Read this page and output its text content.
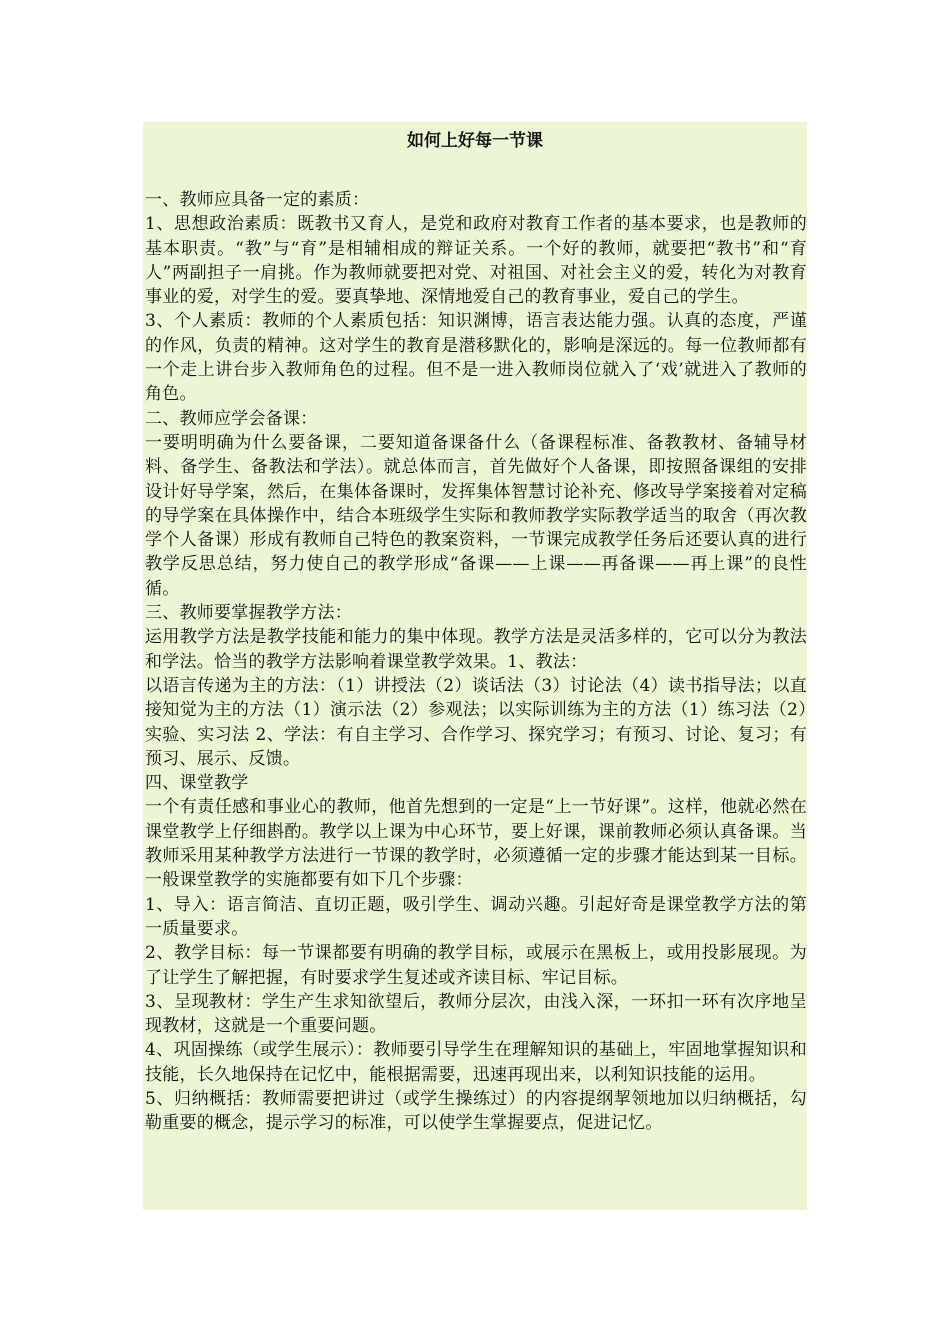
如何上好每一节课

一、教师应具备一定的素质：

1、思想政治素质：既教书又育人，是党和政府对教育工作者的基本要求，也是教师的基本职责。“教”与“育”是相辅相成的辩证关系。一个好的教师，就要把“教书”和“育人”两副担子一肩挑。作为教师就要把对党、对祖国、对社会主义的爱，转化为对教育事业的爱，对学生的爱。要真挚地、深情地爱自己的教育事业，爱自己的学生。

3、个人素质：教师的个人素质包括：知识渊博，语言表达能力强。认真的态度，严谨的作风，负责的精神。这对学生的教育是潜移默化的，影响是深远的。每一位教师都有一个走上讲台步入教师角色的过程。但不是一进入教师岗位就入了‘戏’就进入了教师的角色。

二、教师应学会备课：

一要明明确为什么要备课，二要知道备课备什么（备课程标准、备教教材、备辅导材料、备学生、备教法和学法）。就总体而言，首先做好个人备课，即按照备课组的安排设计好导学案，然后，在集体备课时，发挥集体智慧讨论补充、修改导学案接着对定稿的导学案在具体操作中，结合本班级学生实际和教师教学实际教学适当的取舍（再次教学个人备课）形成有教师自己特色的教案资料，一节课完成教学任务后还要认真的进行教学反思总结，努力使自己的教学形成“备课——上课——再备课——再上课”的良性循。

三、教师要掌握教学方法：

运用教学方法是教学技能和能力的集中体现。教学方法是灵活多样的，它可以分为教法和学法。恰当的教学方法影响着课堂教学效果。1、教法：

以语言传递为主的方法：（1）讲授法（2）谈话法（3）讨论法（4）读书指导法；以直接知觉为主的方法（1）演示法（2）参观法；以实际训练为主的方法（1）练习法（2）实验、实习法 2、学法：有自主学习、合作学习、探究学习；有预习、讨论、复习；有预习、展示、反馈。

四、课堂教学

一个有责任感和事业心的教师，他首先想到的一定是“上一节好课”。这样，他就必然在课堂教学上仔细斟酌。教学以上课为中心环节，要上好课，课前教师必须认真备课。当教师采用某种教学方法进行一节课的教学时，必须遵循一定的步骤才能达到某一目标。一般课堂教学的实施都要有如下几个步骤：

1、导入：语言简洁、直切正题，吸引学生、调动兴趣。引起好奇是课堂教学方法的第一质量要求。

2、教学目标：每一节课都要有明确的教学目标，或展示在黑板上，或用投影展现。为了让学生了解把握，有时要求学生复述或齐读目标、牢记目标。

3、呈现教材：学生产生求知欲望后，教师分层次，由浅入深，一环扣一环有次序地呈现教材，这就是一个重要问题。

4、巩固操练（或学生展示）：教师要引导学生在理解知识的基础上，牢固地掌握知识和技能，长久地保持在记忆中，能根据需要，迅速再现出来，以利知识技能的运用。

5、归纳概括：教师需要把讲过（或学生操练过）的内容提纲挈领地加以归纳概括，勾勒重要的概念，提示学习的标准，可以使学生掌握要点，促进记忆。
